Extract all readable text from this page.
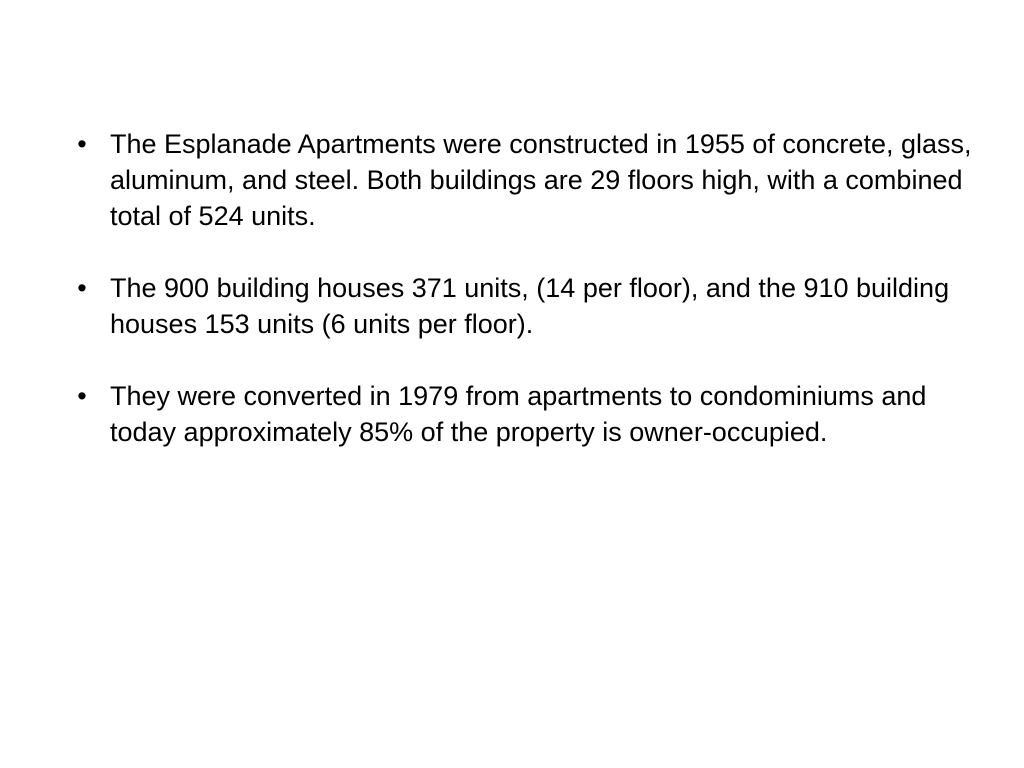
• The Esplanade Apartments were constructed in 1955 of concrete, glass, aluminum, and steel. Both buildings are 29 floors high, with a combined total of 524 units.
• The 900 building houses 371 units, (14 per floor), and the 910 building houses 153 units (6 units per floor).
• They were converted in 1979 from apartments to condominiums and today approximately 85% of the property is owner-occupied.
